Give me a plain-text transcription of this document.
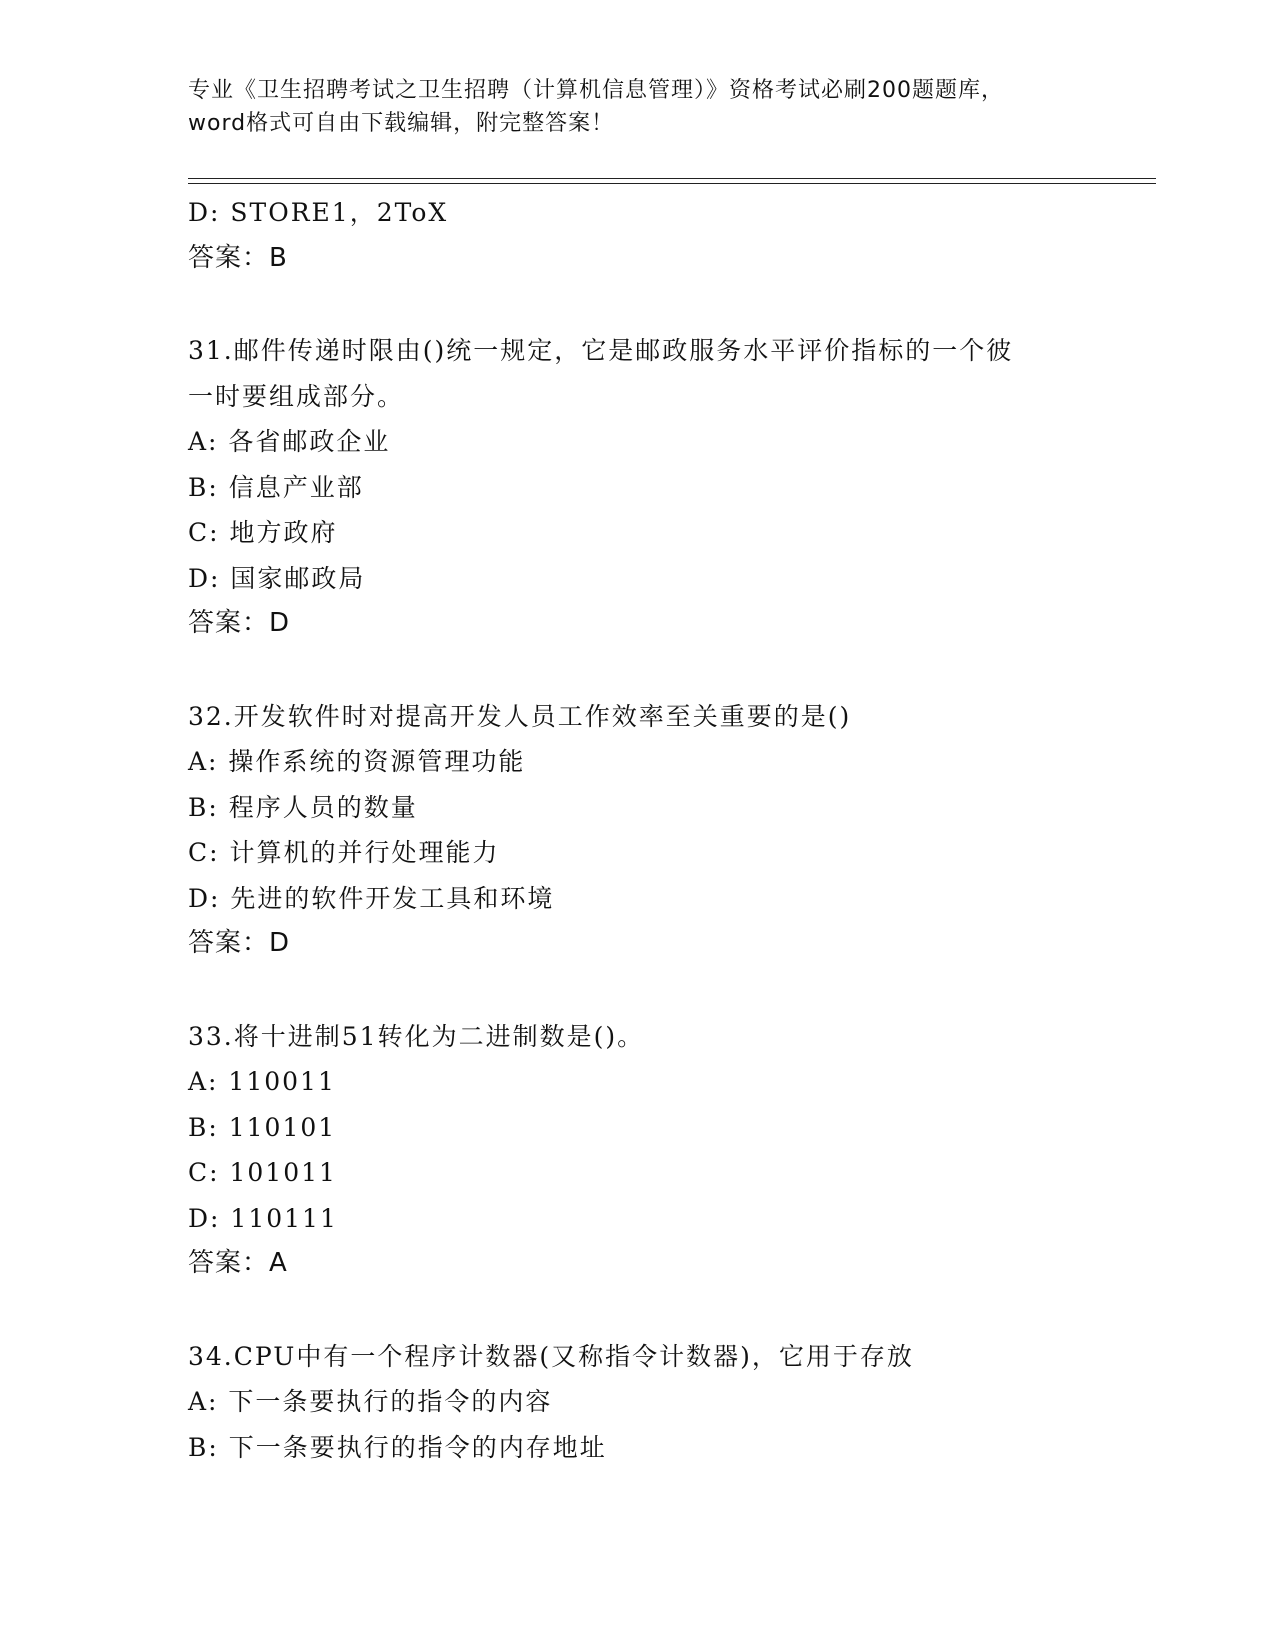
专业《卫生招聘考试之卫生招聘（计算机信息管理）》资格考试必刷200题题库，
word格式可自由下载编辑，附完整答案！
D: STORE1，2ToX
答案：B
31.邮件传递时限由()统一规定，它是邮政服务水平评价指标的一个彼
一时要组成部分。
A: 各省邮政企业
B: 信息产业部
C: 地方政府
D: 国家邮政局
答案：D
32.开发软件时对提高开发人员工作效率至关重要的是()
A: 操作系统的资源管理功能
B: 程序人员的数量
C: 计算机的并行处理能力
D: 先进的软件开发工具和环境
答案：D
33.将十进制51转化为二进制数是()。
A: 110011
B: 110101
C: 101011
D: 110111
答案：A
34.CPU中有一个程序计数器(又称指令计数器)，它用于存放
A: 下一条要执行的指令的内容
B: 下一条要执行的指令的内存地址
